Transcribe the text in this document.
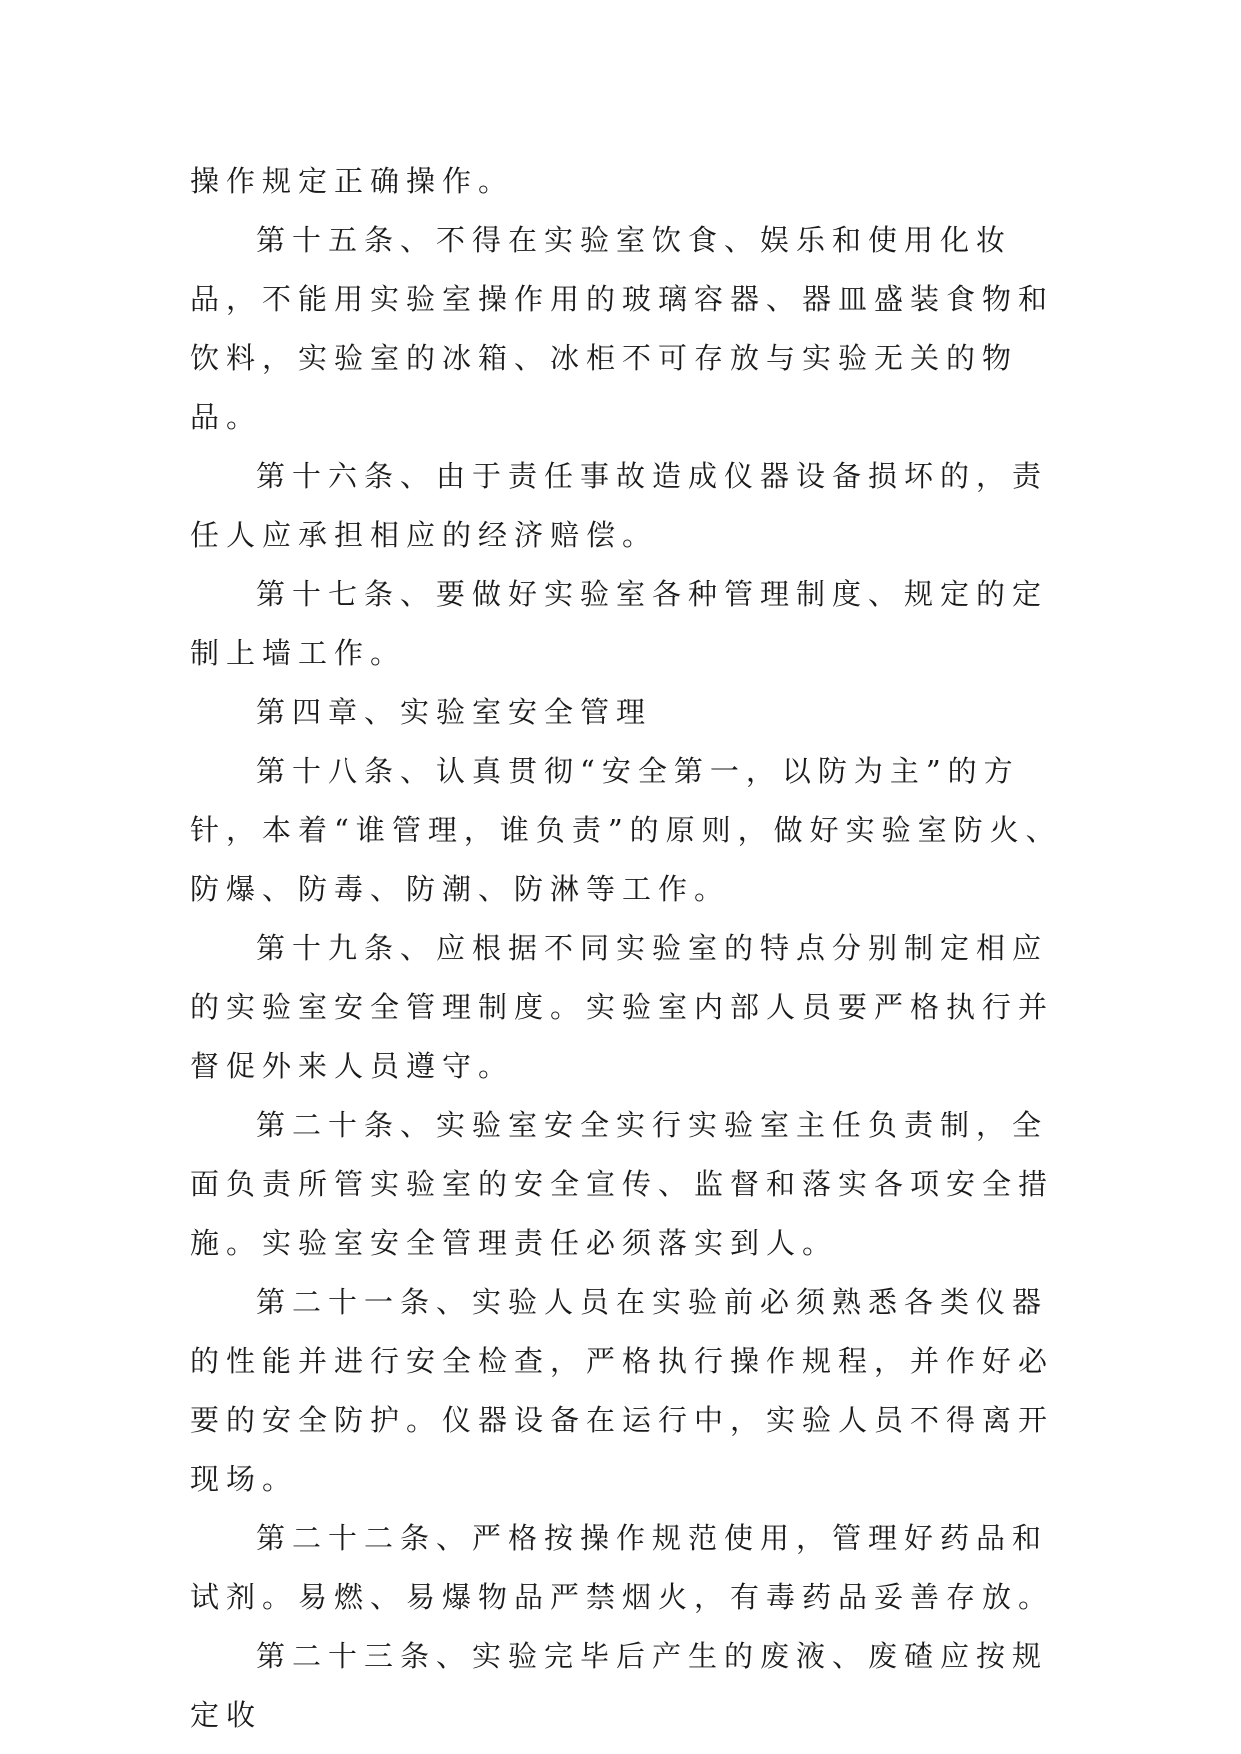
操作规定正确操作。

第十五条、不得在实验室饮食、娱乐和使用化妆品，不能用实验室操作用的玻璃容器、器皿盛装食物和饮料，实验室的冰箱、冰柜不可存放与实验无关的物品。

第十六条、由于责任事故造成仪器设备损坏的，责任人应承担相应的经济赔偿。

第十七条、要做好实验室各种管理制度、规定的定制上墙工作。

第四章、实验室安全管理

第十八条、认真贯彻“安全第一，以防为主”的方针，本着“谁管理，谁负责”的原则，做好实验室防火、防爆、防毒、防潮、防淋等工作。

第十九条、应根据不同实验室的特点分别制定相应的实验室安全管理制度。实验室内部人员要严格执行并督促外来人员遵守。

第二十条、实验室安全实行实验室主任负责制，全面负责所管实验室的安全宣传、监督和落实各项安全措施。实验室安全管理责任必须落实到人。

第二十一条、实验人员在实验前必须熟悉各类仪器的性能并进行安全检查，严格执行操作规程，并作好必要的安全防护。仪器设备在运行中，实验人员不得离开现场。

第二十二条、严格按操作规范使用，管理好药品和试剂。易燃、易爆物品严禁烟火，有毒药品妥善存放。

第二十三条、实验完毕后产生的废液、废碴应按规定收
